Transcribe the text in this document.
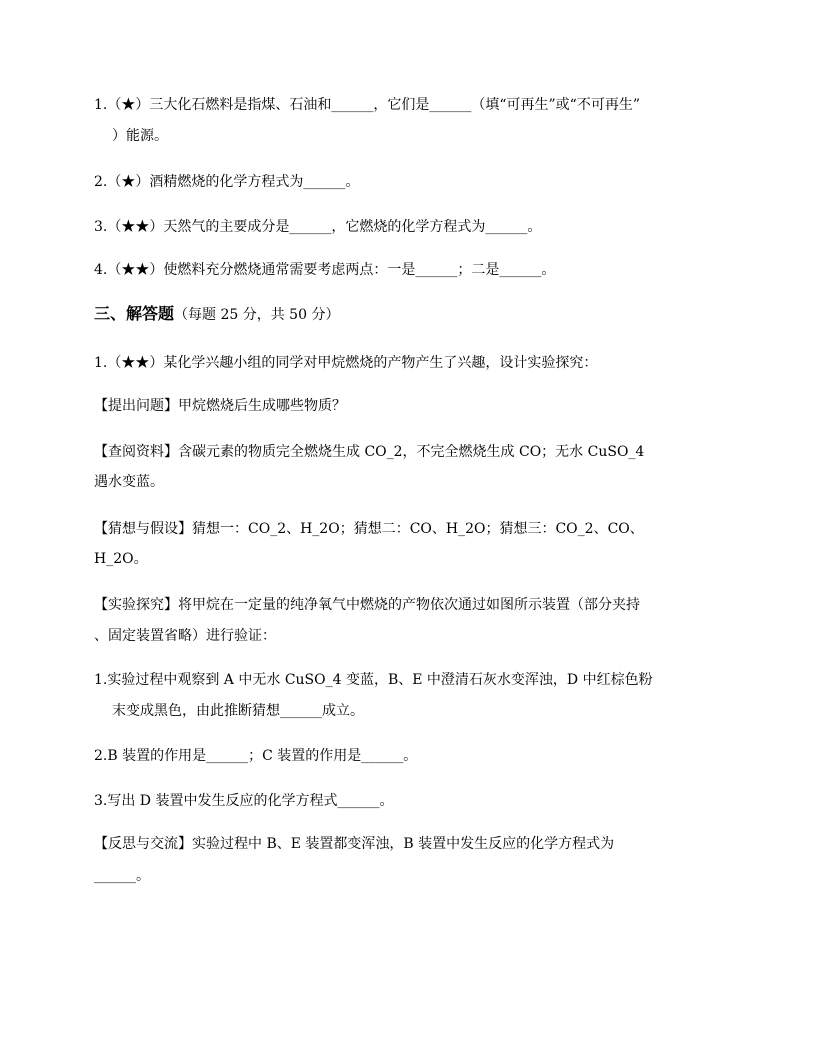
1.（★）三大化石燃料是指煤、石油和______，它们是______（填“可再生”或“不可再生”
）能源。
2.（★）酒精燃烧的化学方程式为______。
3.（★★）天然气的主要成分是______，它燃烧的化学方程式为______。
4.（★★）使燃料充分燃烧通常需要考虑两点：一是______；二是______。
三、解答题（每题 25 分，共 50 分）
1.（★★）某化学兴趣小组的同学对甲烷燃烧的产物产生了兴趣，设计实验探究：
【提出问题】甲烷燃烧后生成哪些物质？
【查阅资料】含碳元素的物质完全燃烧生成 CO_2，不完全燃烧生成 CO；无水 CuSO_4
遇水变蓝。
【猜想与假设】猜想一：CO_2、H_2O；猜想二：CO、H_2O；猜想三：CO_2、CO、
H_2O。
【实验探究】将甲烷在一定量的纯净氧气中燃烧的产物依次通过如图所示装置（部分夹持
、固定装置省略）进行验证：
1.实验过程中观察到 A 中无水 CuSO_4 变蓝，B、E 中澄清石灰水变浑浊，D 中红棕色粉
末变成黑色，由此推断猜想______成立。
2.B 装置的作用是______；C 装置的作用是______。
3.写出 D 装置中发生反应的化学方程式______。
【反思与交流】实验过程中 B、E 装置都变浑浊，B 装置中发生反应的化学方程式为
______。
